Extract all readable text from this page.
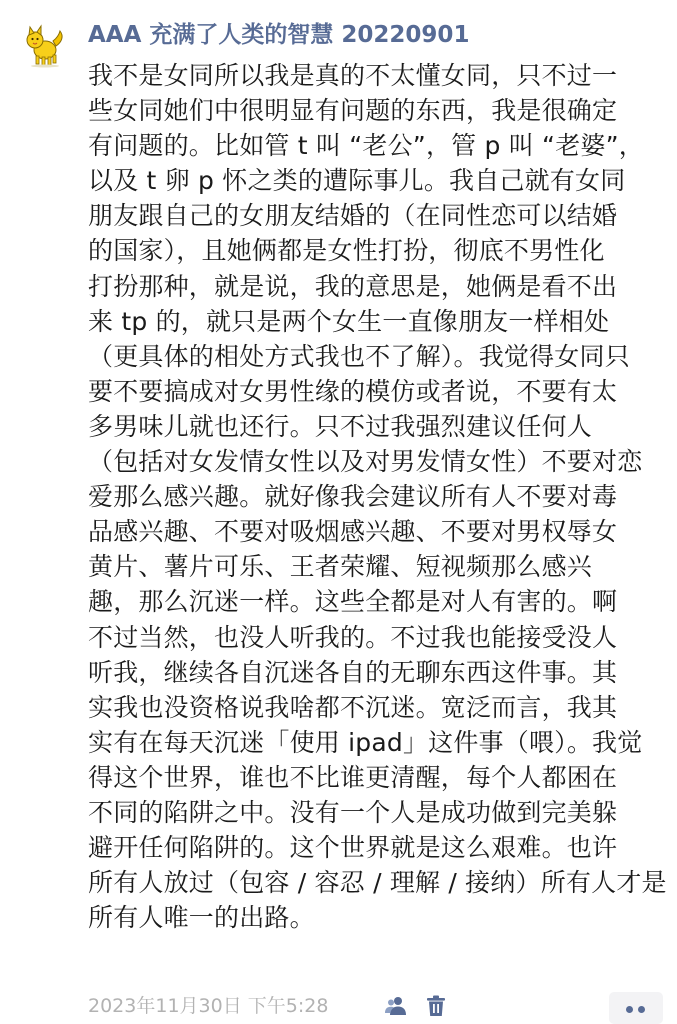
AAA 充满了人类的智慧 20220901
我不是女同所以我是真的不太懂女同，只不过一
些女同她们中很明显有问题的东西，我是很确定
有问题的。比如管 t 叫 “老公”，管 p 叫 “老婆”，
以及 t 卵 p 怀之类的遭际事儿。我自己就有女同
朋友跟自己的女朋友结婚的（在同性恋可以结婚
的国家），且她俩都是女性打扮，彻底不男性化
打扮那种，就是说，我的意思是，她俩是看不出
来 tp 的，就只是两个女生一直像朋友一样相处
（更具体的相处方式我也不了解）。我觉得女同只
要不要搞成对女男性缘的模仿或者说，不要有太
多男味儿就也还行。只不过我强烈建议任何人
（包括对女发情女性以及对男发情女性）不要对恋
爱那么感兴趣。就好像我会建议所有人不要对毒
品感兴趣、不要对吸烟感兴趣、不要对男权辱女
黄片、薯片可乐、王者荣耀、短视频那么感兴
趣，那么沉迷一样。这些全都是对人有害的。啊
不过当然，也没人听我的。不过我也能接受没人
听我，继续各自沉迷各自的无聊东西这件事。其
实我也没资格说我啥都不沉迷。宽泛而言，我其
实有在每天沉迷「使用 ipad」这件事（喂）。我觉
得这个世界，谁也不比谁更清醒，每个人都困在
不同的陷阱之中。没有一个人是成功做到完美躲
避开任何陷阱的。这个世界就是这么艰难。也许
所有人放过（包容 / 容忍 / 理解 / 接纳）所有人才是
所有人唯一的出路。
2023年11月30日 下午5:28
